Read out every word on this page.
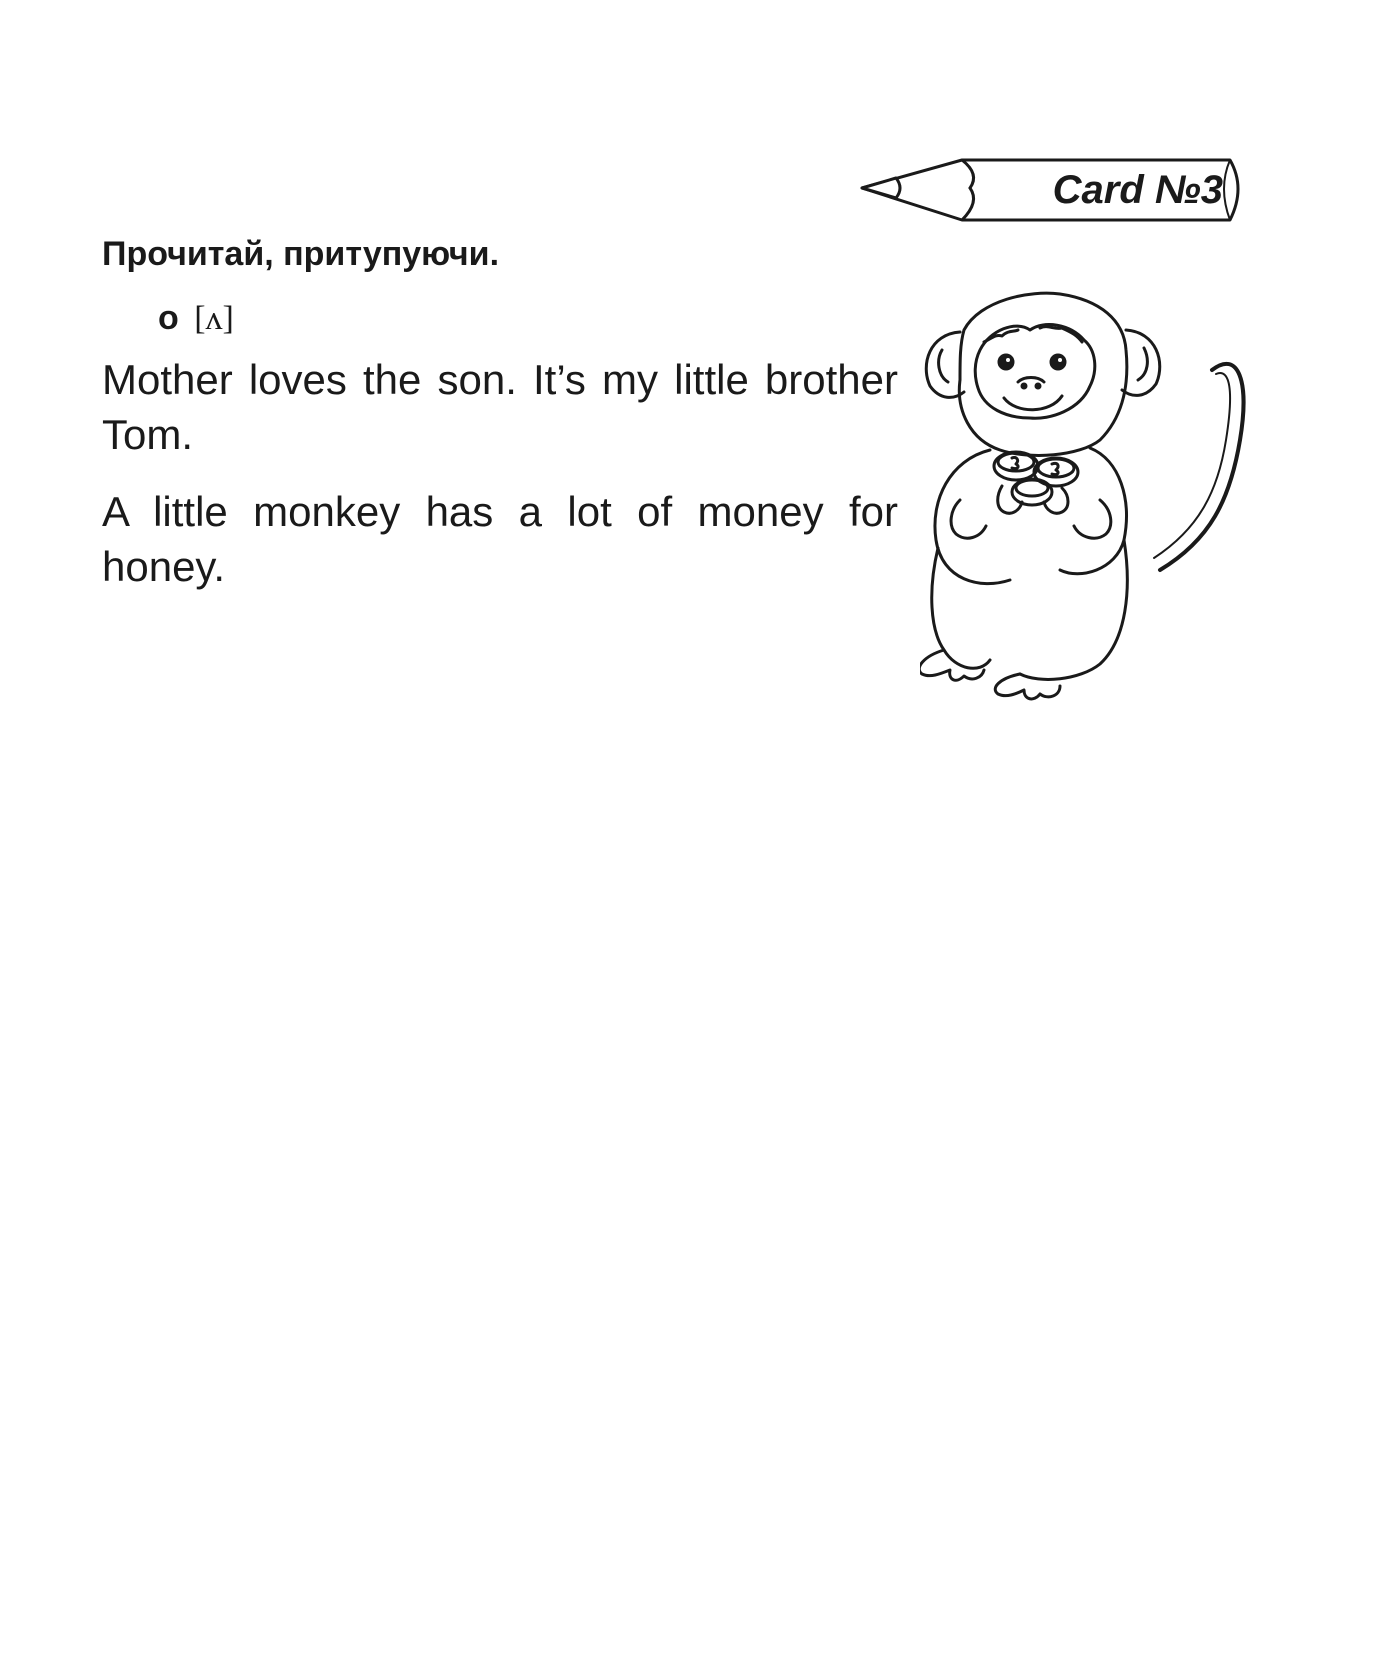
Card №3
Прочитай, притупуючи.
o [ʌ]

Mother loves the son. It’s my little brother Tom.

A little monkey has a lot of money for honey.
